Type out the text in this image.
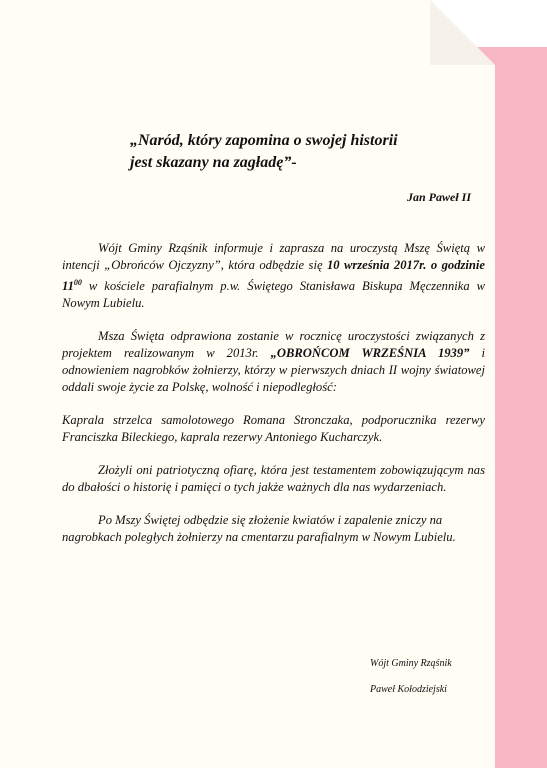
„Naród, który zapomina o swojej historii
jest skazany na zagładę”-
Jan Paweł II

Wójt Gminy Rząśnik informuje i zaprasza na uroczystą Mszę Świętą w intencji „Obrońców Ojczyzny”, która odbędzie się 10 września 2017r. o godzinie $11^{00}$ w kościele parafialnym p.w. Świętego Stanisława Biskupa Męczennika w Nowym Lubielu.

Msza Święta odprawiona zostanie w rocznicę uroczystości związanych z projektem realizowanym w 2013r. „OBROŃCOM WRZEŚNIA 1939” i odnowieniem nagrobków żołnierzy, którzy w pierwszych dniach II wojny światowej oddali swoje życie za Polskę, wolność i niepodległość:

Kaprala strzelca samolotowego Romana Stronczaka, podporucznika rezerwy Franciszka Bileckiego, kaprala rezerwy Antoniego Kucharczyk.

Złożyli oni patriotyczną ofiarę, która jest testamentem zobowiązującym nas do dbałości o historię i pamięci o tych jakże ważnych dla nas wydarzeniach.

Po Mszy Świętej odbędzie się złożenie kwiatów i zapalenie zniczy na nagrobkach poległych żołnierzy na cmentarzu parafialnym w Nowym Lubielu.

Wójt Gminy Rząśnik
Paweł Kołodziejski
